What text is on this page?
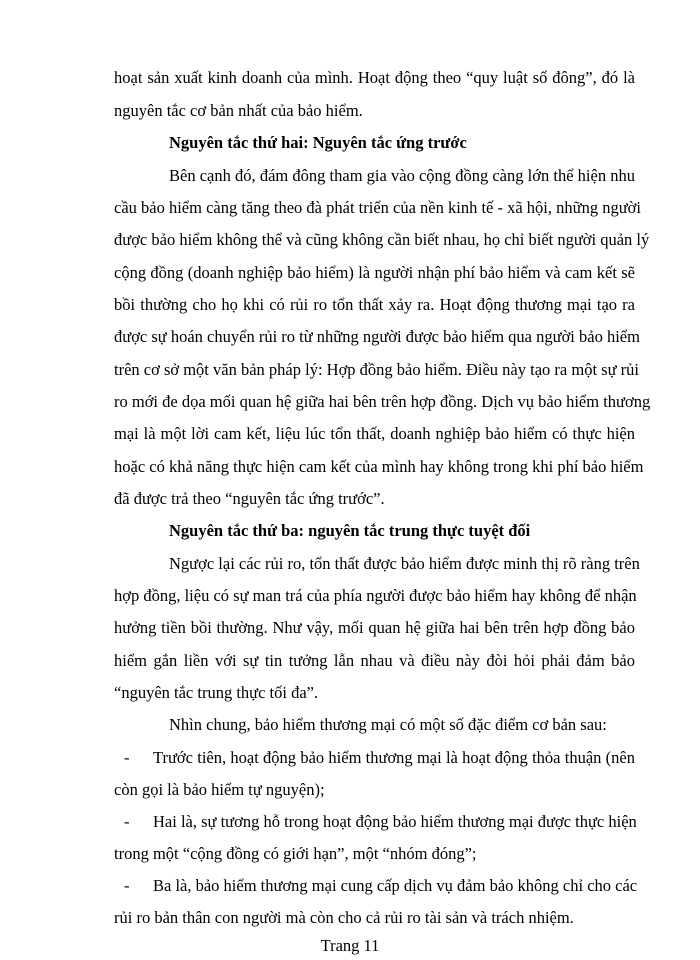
hoạt sản xuất kinh doanh của mình. Hoạt động theo “quy luật số đông”, đó là
nguyên tắc cơ bản nhất của bảo hiểm.
Nguyên tắc thứ hai: Nguyên tắc ứng trước
Bên cạnh đó, đám đông tham gia vào cộng đồng càng lớn thể hiện nhu
cầu bảo hiểm càng tăng theo đà phát triển của nền kinh tế - xã hội, những người
được bảo hiểm không thể và cũng không cần biết nhau, họ chỉ biết người quản lý
cộng đồng (doanh nghiệp bảo hiểm) là người nhận phí bảo hiểm và cam kết sẽ
bồi thường cho họ khi có rủi ro tổn thất xảy ra. Hoạt động thương mại tạo ra
được sự hoán chuyển rủi ro từ những người được bảo hiểm qua người bảo hiểm
trên cơ sở một văn bản pháp lý: Hợp đồng bảo hiểm. Điều này tạo ra một sự rủi
ro mới đe dọa mối quan hệ giữa hai bên trên hợp đồng. Dịch vụ bảo hiểm thương
mại là một lời cam kết, liệu lúc tổn thất, doanh nghiệp bảo hiểm có thực hiện
hoặc có khả năng thực hiện cam kết của mình hay không trong khi phí bảo hiểm
đã được trả theo “nguyên tắc ứng trước”.
Nguyên tắc thứ ba: nguyên tắc trung thực tuyệt đối
Ngược lại các rủi ro, tổn thất được bảo hiểm được minh thị rõ ràng trên
hợp đồng, liệu có sự man trá của phía người được bảo hiểm hay không để nhận
hưởng tiền bồi thường. Như vậy, mối quan hệ giữa hai bên trên hợp đồng bảo
hiểm gắn liền với sự tin tưởng lẫn nhau và điều này đòi hỏi phải đảm bảo
“nguyên tắc trung thực tối đa”.
Nhìn chung, bảo hiểm thương mại có một số đặc điểm cơ bản sau:
- Trước tiên, hoạt động bảo hiểm thương mại là hoạt động thỏa thuận (nên
còn gọi là bảo hiểm tự nguyện);
- Hai là, sự tương hỗ trong hoạt động bảo hiểm thương mại được thực hiện
trong một “cộng đồng có giới hạn”, một “nhóm đóng”;
- Ba là, bảo hiểm thương mại cung cấp dịch vụ đảm bảo không chỉ cho các
rủi ro bản thân con người mà còn cho cả rủi ro tài sản và trách nhiệm.
Trang 11
